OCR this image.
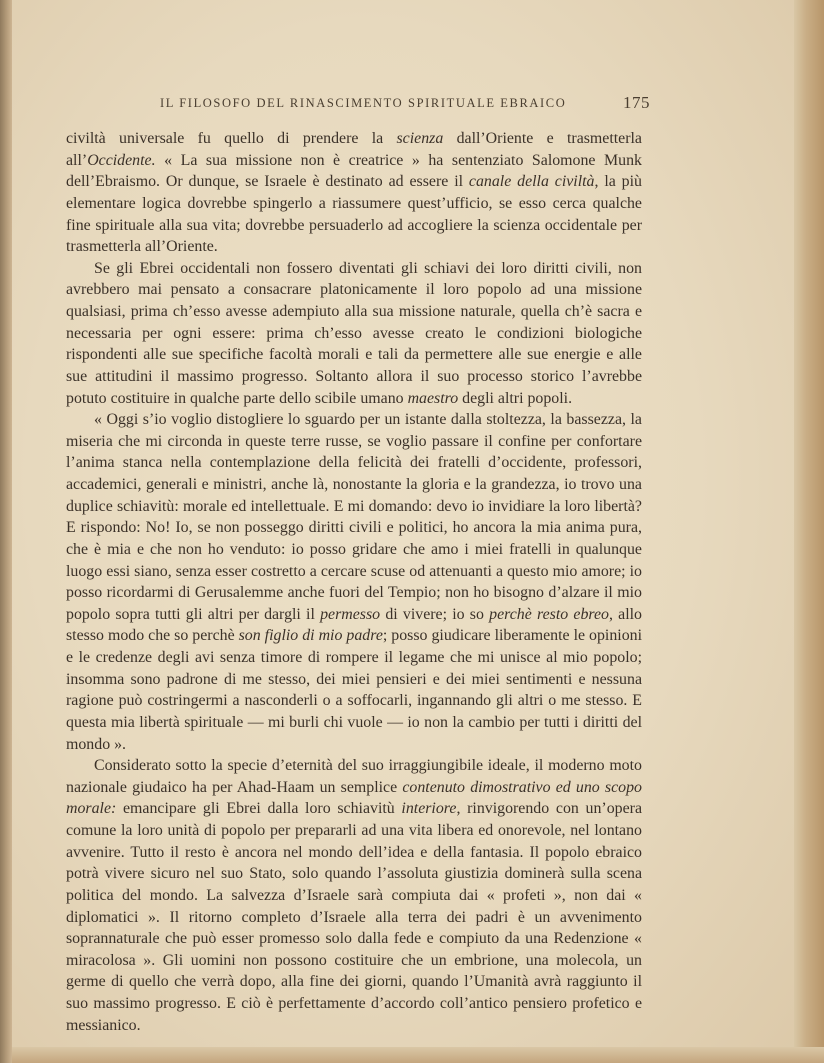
IL FILOSOFO DEL RINASCIMENTO SPIRITUALE EBRAICO	175

civiltà universale fu quello di prendere la scienza dall’Oriente e trasmetterla all’Occidente. « La sua missione non è creatrice » ha sentenziato Salomone Munk dell’Ebraismo. Or dunque, se Israele è destinato ad essere il canale della civiltà, la più elementare logica dovrebbe spingerlo a riassumere quest’ufficio, se esso cerca qualche fine spirituale alla sua vita; dovrebbe persuaderlo ad accogliere la scienza occidentale per trasmetterla all’Oriente.

Se gli Ebrei occidentali non fossero diventati gli schiavi dei loro diritti civili, non avrebbero mai pensato a consacrare platonicamente il loro popolo ad una missione qualsiasi, prima ch’esso avesse adempiuto alla sua missione naturale, quella ch’è sacra e necessaria per ogni essere: prima ch’esso avesse creato le condizioni biologiche rispondenti alle sue specifiche facoltà morali e tali da permettere alle sue energie e alle sue attitudini il massimo progresso. Soltanto allora il suo processo storico l’avrebbe potuto costituire in qualche parte dello scibile umano maestro degli altri popoli.

« Oggi s’io voglio distogliere lo sguardo per un istante dalla stoltezza, la bassezza, la miseria che mi circonda in queste terre russe, se voglio passare il confine per confortare l’anima stanca nella contemplazione della felicità dei fratelli d’occidente, professori, accademici, generali e ministri, anche là, nonostante la gloria e la grandezza, io trovo una duplice schiavitù: morale ed intellettuale. E mi domando: devo io invidiare la loro libertà? E rispondo: No! Io, se non posseggo diritti civili e politici, ho ancora la mia anima pura, che è mia e che non ho venduto: io posso gridare che amo i miei fratelli in qualunque luogo essi siano, senza esser costretto a cercare scuse od attenuanti a questo mio amore; io posso ricordarmi di Gerusalemme anche fuori del Tempio; non ho bisogno d’alzare il mio popolo sopra tutti gli altri per dargli il permesso di vivere; io so perchè resto ebreo, allo stesso modo che so perchè son figlio di mio padre; posso giudicare liberamente le opinioni e le credenze degli avi senza timore di rompere il legame che mi unisce al mio popolo; insomma sono padrone di me stesso, dei miei pensieri e dei miei sentimenti e nessuna ragione può costringermi a nasconderli o a soffocarli, ingannando gli altri o me stesso. E questa mia libertà spirituale — mi burli chi vuole — io non la cambio per tutti i diritti del mondo ».

Considerato sotto la specie d’eternità del suo irraggiungibile ideale, il moderno moto nazionale giudaico ha per Ahad-Haam un semplice contenuto dimostrativo ed uno scopo morale: emancipare gli Ebrei dalla loro schiavitù interiore, rinvigorendo con un’opera comune la loro unità di popolo per prepararli ad una vita libera ed onorevole, nel lontano avvenire. Tutto il resto è ancora nel mondo dell’idea e della fantasia. Il popolo ebraico potrà vivere sicuro nel suo Stato, solo quando l’assoluta giustizia dominerà sulla scena politica del mondo. La salvezza d’Israele sarà compiuta dai « profeti », non dai « diplomatici ». Il ritorno completo d’Israele alla terra dei padri è un avvenimento soprannaturale che può esser promesso solo dalla fede e compiuto da una Redenzione « miracolosa ». Gli uomini non possono costituire che un embrione, una molecola, un germe di quello che verrà dopo, alla fine dei giorni, quando l’Umanità avrà raggiunto il suo massimo progresso. E ciò è perfettamente d’accordo coll’antico pensiero profetico e messianico.
